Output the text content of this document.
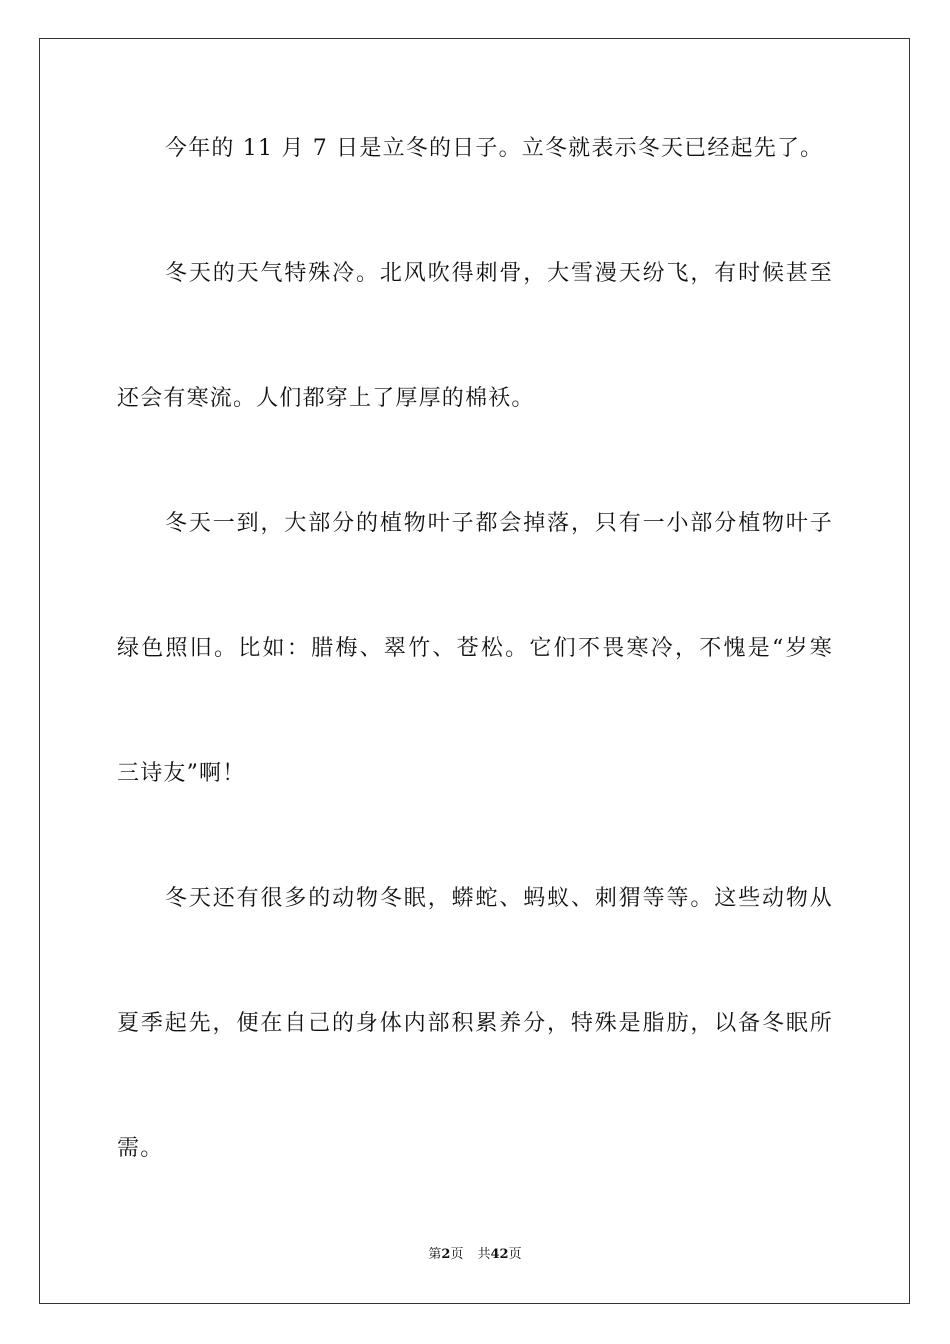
今年的 11 月 7 日是立冬的日子。立冬就表示冬天已经起先了。
冬天的天气特殊冷。北风吹得刺骨，大雪漫天纷飞，有时候甚至
还会有寒流。人们都穿上了厚厚的棉袄。
冬天一到，大部分的植物叶子都会掉落，只有一小部分植物叶子
绿色照旧。比如：腊梅、翠竹、苍松。它们不畏寒冷，不愧是“岁寒
三诗友”啊！
冬天还有很多的动物冬眠，蟒蛇、蚂蚁、刺猬等等。这些动物从
夏季起先，便在自己的身体内部积累养分，特殊是脂肪，以备冬眠所
需。
第2页 共42页
